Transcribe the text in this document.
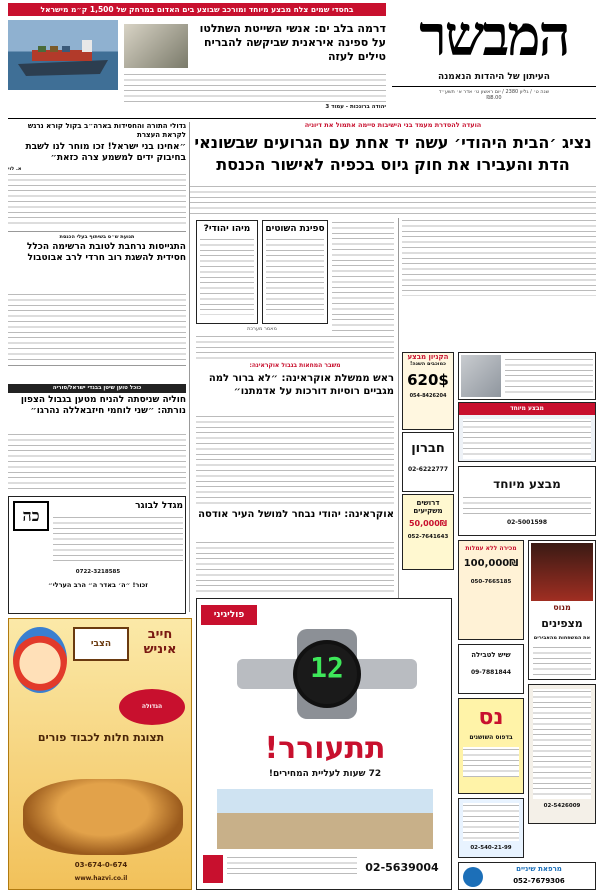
בחסדי שמים צלח מבצע מיוחד ומורכב שבוצע בים האדום במרחק של 1,500 ק״מ מישראל	המבשר
העיתון של היהדות הנאמנה
שנה ט׳ / גליון 2380 / יום ראשון ט׳ אדר א׳ תשע״ד
₪8.00
דרמה בלב ים: אנשי השייטת השתלטו על ספינה איראנית שביקשה להבריח טילים לעזה
יהודה ברונכות - עמוד 3
הועדה להסדרת מעמד בני הישיבות סיימה אתמול את דיוניה
נציג ׳הבית היהודי׳ עשה יד אחת עם הגרועים שבשונאי הדת והעבירו את חוק גיוס בכפיה לאישור הכנסת
גדולי התורה והחסידות בארה״ב בקול קורא נרגש לקראת העצרת
״אחינו בני ישראל! זכו מוחר לנו לשבת בחיבוק ידים למשמע צרה כזאת״
א. לוי
תנועת ש״ס בשיתוף בעלי הכנסת
התגייסות נרחבת לטובת הרשימה הכלל חסידית להשגת רוב חרדי לרב אבוטבול
כוכל טוען שיטן בבגדי ישראל/סוריה
חוליה שניסתה להניח מטען בגבול הצפון נורתה: ״שני לוחמי חיזבאללה נהרגו״
כה	מגדל לבוגר
0722-3218585
זכור! ״ה׳ באדר ה״ הרב הערלי״
ספינת השוטים
מיהו יהודי?
מאמר מערכת
משבר המחאות בגבול אוקראינה:
ראש ממשלת אוקראינה: ״לא ברור למה מגביים רוסיות דורכות על אדמתנו״
אוקראינה: יהודי נבחר למושל העיר אודסה
הקניון מבצע
כמוכבים השנה!
620$
054-8426204
חברון
02-6222777
דרושים משקיעים
50,000₪
052-7641643
מבצע מיוחד
מבצע מיוחד
02-5001598
מכירה ללא עמלות
100,000₪
050-7665185
שיש לטבילה
09-7881844
נס
בדפוס השושנים
מנוס
מצפינים
את המשפחות מהאבירים
02-5426009
02-540-21-99
מרפאת שיניים
052-7679306
פוליגיני
12
תתעורר!
72 שעות לעליית המחירים!
02-5639004
הצבי
חייב איניש
הגדולה
תצוגת חלות לכבוד פורים
03-674-0-674
www.hazvi.co.il
